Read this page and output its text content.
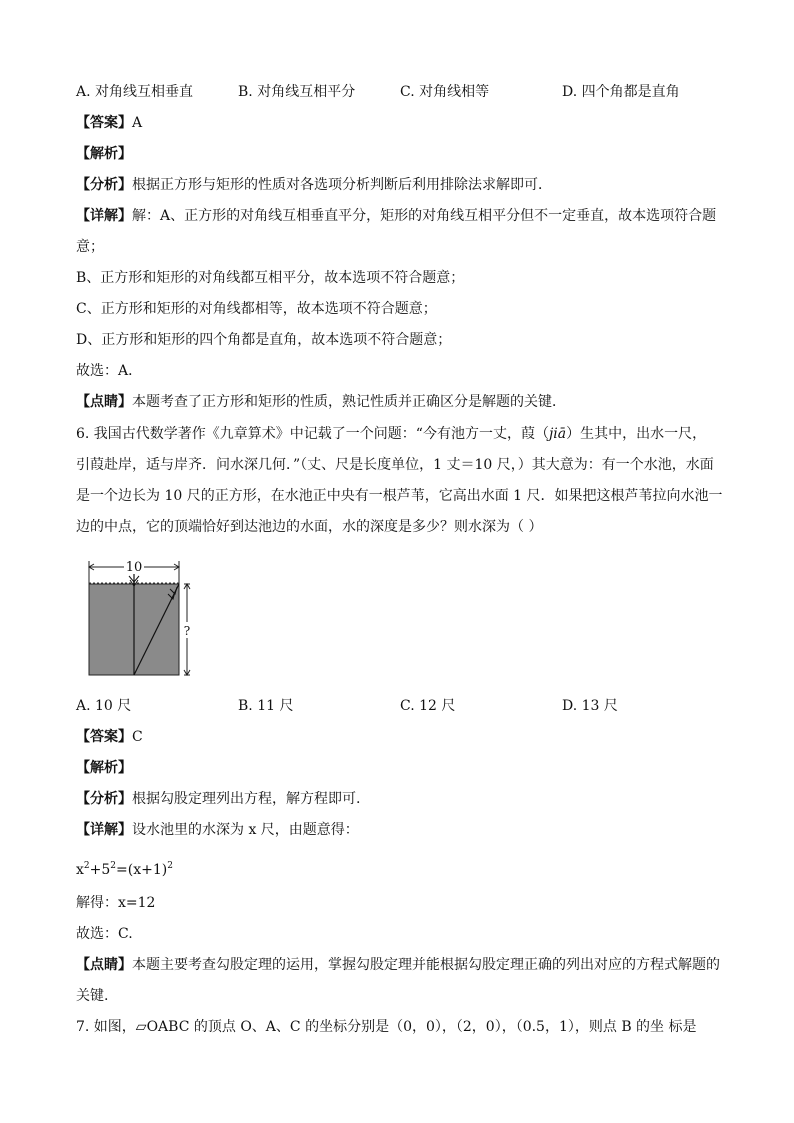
A. 对角线互相垂直	B. 对角线互相平分	C. 对角线相等	D. 四个角都是直角
【答案】A
【解析】
【分析】根据正方形与矩形的性质对各选项分析判断后利用排除法求解即可．
【详解】解：A、正方形的对角线互相垂直平分，矩形的对角线互相平分但不一定垂直，故本选项符合题
意；
B、正方形和矩形的对角线都互相平分，故本选项不符合题意；
C、正方形和矩形的对角线都相等，故本选项不符合题意；
D、正方形和矩形的四个角都是直角，故本选项不符合题意；
故选：A．
【点睛】本题考查了正方形和矩形的性质，熟记性质并正确区分是解题的关键．
6. 我国古代数学著作《九章算术》中记载了一个问题：“今有池方一丈，葭（jiā）生其中，出水一尺，
引葭赴岸，适与岸齐．问水深几何．”（丈、尺是长度单位，1 丈＝10 尺，）其大意为：有一个水池，水面
是一个边长为 10 尺的正方形，在水池正中央有一根芦苇，它高出水面 1 尺．如果把这根芦苇拉向水池一
边的中点，它的顶端恰好到达池边的水面，水的深度是多少？则水深为（ ）
10
?
A. 10 尺	B. 11 尺	C. 12 尺	D. 13 尺
【答案】C
【解析】
【分析】根据勾股定理列出方程，解方程即可.
【详解】设水池里的水深为 x 尺，由题意得：
$x^2+5^2=(x+1)^2$
解得：x=12
故选：C.
【点睛】本题主要考查勾股定理的运用，掌握勾股定理并能根据勾股定理正确的列出对应的方程式解题的
关键.
7. 如图，▱OABC 的顶点 O、A、C 的坐标分别是（0，0），（2，0），（0.5，1），则点 B 的坐 标是
